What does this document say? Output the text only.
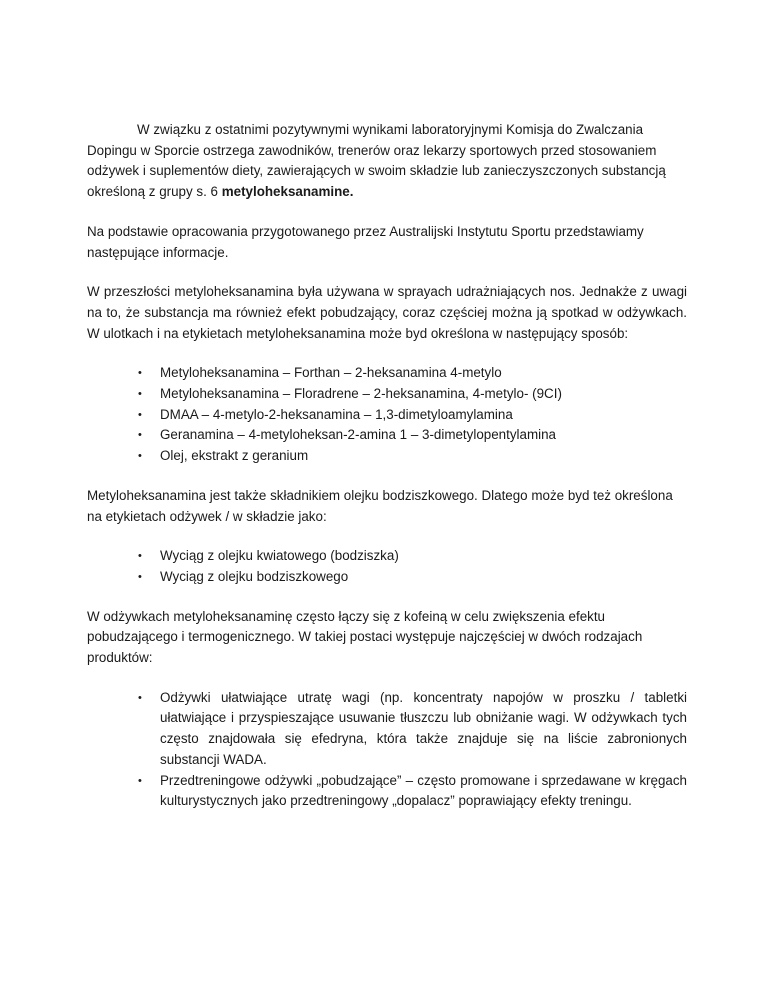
W związku z ostatnimi pozytywnymi wynikami laboratoryjnymi Komisja do Zwalczania Dopingu w Sporcie ostrzega zawodników, trenerów oraz lekarzy sportowych przed stosowaniem odżywek i suplementów diety, zawierających w swoim składzie lub zanieczyszczonych substancją określoną z grupy s. 6 metyloheksanamine.

Na podstawie opracowania przygotowanego przez Australijski Instytutu Sportu przedstawiamy następujące informacje.

W przeszłości metyloheksanamina była używana w sprayach udrażniających nos. Jednakże z uwagi na to, że substancja ma również efekt pobudzający, coraz częściej można ją spotkad w odżywkach. W ulotkach i na etykietach metyloheksanamina może byd określona w następujący sposób:

• Metyloheksanamina – Forthan – 2-heksanamina 4-metylo
• Metyloheksanamina – Floradrene – 2-heksanamina, 4-metylo- (9CI)
• DMAA – 4-metylo-2-heksanamina – 1,3-dimetyloamylamina
• Geranamina – 4-metyloheksan-2-amina 1 – 3-dimetylopentylamina
• Olej, ekstrakt z geranium

Metyloheksanamina jest także składnikiem olejku bodziszkowego. Dlatego może byd też określona na etykietach odżywek / w składzie jako:

• Wyciąg z olejku kwiatowego (bodziszka)
• Wyciąg z olejku bodziszkowego

W odżywkach metyloheksanaminę często łączy się z kofeiną w celu zwiększenia efektu pobudzającego i termogenicznego. W takiej postaci występuje najczęściej w dwóch rodzajach produktów:

• Odżywki ułatwiające utratę wagi (np. koncentraty napojów w proszku / tabletki ułatwiające i przyspieszające usuwanie tłuszczu lub obniżanie wagi. W odżywkach tych często znajdowała się efedryna, która także znajduje się na liście zabronionych substancji WADA.
• Przedtreningowe odżywki „pobudzające” – często promowane i sprzedawane w kręgach kulturystycznych jako przedtreningowy „dopalacz” poprawiający efekty treningu.
